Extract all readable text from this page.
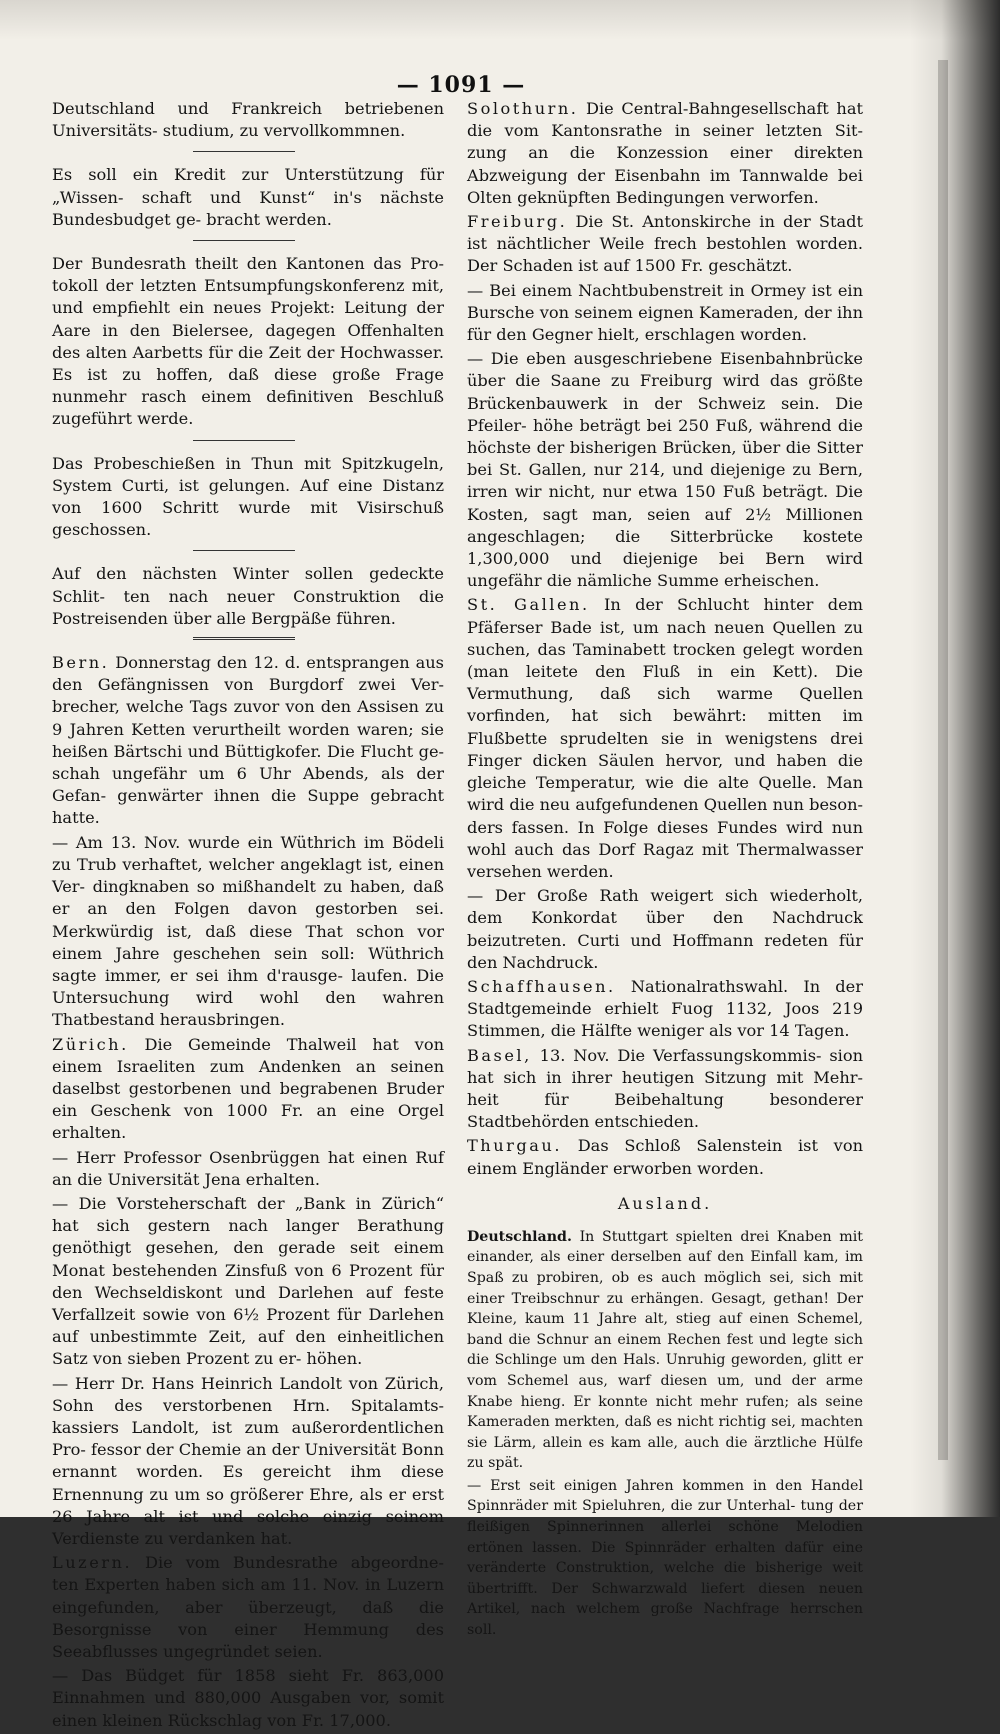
— 1091 —

Deutschland und Frankreich betriebenen Universitäts- studium, zu vervollkommnen.

Es soll ein Kredit zur Unterstützung für „Wissen- schaft und Kunst“ in's nächste Bundesbudget ge- bracht werden.

Der Bundesrath theilt den Kantonen das Pro- tokoll der letzten Entsumpfungskonferenz mit, und empfiehlt ein neues Projekt: Leitung der Aare in den Bielersee, dagegen Offenhalten des alten Aarbetts für die Zeit der Hochwasser. Es ist zu hoffen, daß diese große Frage nunmehr rasch einem definitiven Beschluß zugeführt werde.

Das Probeschießen in Thun mit Spitzkugeln, System Curti, ist gelungen. Auf eine Distanz von 1600 Schritt wurde mit Visirschuß geschossen.

Auf den nächsten Winter sollen gedeckte Schlit- ten nach neuer Construktion die Postreisenden über alle Bergpäße führen.

Bern. Donnerstag den 12. d. entsprangen aus den Gefängnissen von Burgdorf zwei Ver- brecher, welche Tags zuvor von den Assisen zu 9 Jahren Ketten verurtheilt worden waren; sie heißen Bärtschi und Büttigkofer. Die Flucht ge- schah ungefähr um 6 Uhr Abends, als der Gefan- genwärter ihnen die Suppe gebracht hatte.

— Am 13. Nov. wurde ein Wüthrich im Bödeli zu Trub verhaftet, welcher angeklagt ist, einen Ver- dingknaben so mißhandelt zu haben, daß er an den Folgen davon gestorben sei. Merkwürdig ist, daß diese That schon vor einem Jahre geschehen sein soll: Wüthrich sagte immer, er sei ihm d'rausge- laufen. Die Untersuchung wird wohl den wahren Thatbestand herausbringen.

Zürich. Die Gemeinde Thalweil hat von einem Israeliten zum Andenken an seinen daselbst gestorbenen und begrabenen Bruder ein Geschenk von 1000 Fr. an eine Orgel erhalten.

— Herr Professor Osenbrüggen hat einen Ruf an die Universität Jena erhalten.

— Die Vorsteherschaft der „Bank in Zürich“ hat sich gestern nach langer Berathung genöthigt gesehen, den gerade seit einem Monat bestehenden Zinsfuß von 6 Prozent für den Wechseldiskont und Darlehen auf feste Verfallzeit sowie von 6½ Prozent für Darlehen auf unbestimmte Zeit, auf den einheitlichen Satz von sieben Prozent zu er- höhen.

— Herr Dr. Hans Heinrich Landolt von Zürich, Sohn des verstorbenen Hrn. Spitalamts- kassiers Landolt, ist zum außerordentlichen Pro- fessor der Chemie an der Universität Bonn ernannt worden. Es gereicht ihm diese Ernennung zu um so größerer Ehre, als er erst 26 Jahre alt ist und solche einzig seinem Verdienste zu verdanken hat.

Luzern. Die vom Bundesrathe abgeordne- ten Experten haben sich am 11. Nov. in Luzern eingefunden, aber überzeugt, daß die Besorgnisse von einer Hemmung des Seeabflusses ungegründet seien.

— Das Büdget für 1858 sieht Fr. 863,000 Einnahmen und 880,000 Ausgaben vor, somit einen kleinen Rückschlag von Fr. 17,000.

Solothurn. Die Central-Bahngesellschaft hat die vom Kantonsrathe in seiner letzten Sit- zung an die Konzession einer direkten Abzweigung der Eisenbahn im Tannwalde bei Olten geknüpften Bedingungen verworfen.

Freiburg. Die St. Antonskirche in der Stadt ist nächtlicher Weile frech bestohlen worden. Der Schaden ist auf 1500 Fr. geschätzt.

— Bei einem Nachtbubenstreit in Ormey ist ein Bursche von seinem eignen Kameraden, der ihn für den Gegner hielt, erschlagen worden.

— Die eben ausgeschriebene Eisenbahnbrücke über die Saane zu Freiburg wird das größte Brückenbauwerk in der Schweiz sein. Die Pfeiler- höhe beträgt bei 250 Fuß, während die höchste der bisherigen Brücken, über die Sitter bei St. Gallen, nur 214, und diejenige zu Bern, irren wir nicht, nur etwa 150 Fuß beträgt. Die Kosten, sagt man, seien auf 2½ Millionen angeschlagen; die Sitterbrücke kostete 1,300,000 und diejenige bei Bern wird ungefähr die nämliche Summe erheischen.

St. Gallen. In der Schlucht hinter dem Pfäferser Bade ist, um nach neuen Quellen zu suchen, das Taminabett trocken gelegt worden (man leitete den Fluß in ein Kett). Die Vermuthung, daß sich warme Quellen vorfinden, hat sich bewährt: mitten im Flußbette sprudelten sie in wenigstens drei Finger dicken Säulen hervor, und haben die gleiche Temperatur, wie die alte Quelle. Man wird die neu aufgefundenen Quellen nun beson- ders fassen. In Folge dieses Fundes wird nun wohl auch das Dorf Ragaz mit Thermalwasser versehen werden.

— Der Große Rath weigert sich wiederholt, dem Konkordat über den Nachdruck beizutreten. Curti und Hoffmann redeten für den Nachdruck.

Schaffhausen. Nationalrathswahl. In der Stadtgemeinde erhielt Fuog 1132, Joos 219 Stimmen, die Hälfte weniger als vor 14 Tagen.

Basel, 13. Nov. Die Verfassungskommis- sion hat sich in ihrer heutigen Sitzung mit Mehr- heit für Beibehaltung besonderer Stadtbehörden entschieden.

Thurgau. Das Schloß Salenstein ist von einem Engländer erworben worden.

Ausland.

Deutschland. In Stuttgart spielten drei Knaben mit einander, als einer derselben auf den Einfall kam, im Spaß zu probiren, ob es auch möglich sei, sich mit einer Treibschnur zu erhängen. Gesagt, gethan! Der Kleine, kaum 11 Jahre alt, stieg auf einen Schemel, band die Schnur an einem Rechen fest und legte sich die Schlinge um den Hals. Unruhig geworden, glitt er vom Schemel aus, warf diesen um, und der arme Knabe hieng. Er konnte nicht mehr rufen; als seine Kameraden merkten, daß es nicht richtig sei, machten sie Lärm, allein es kam alle, auch die ärztliche Hülfe zu spät.

— Erst seit einigen Jahren kommen in den Handel Spinnräder mit Spieluhren, die zur Unterhal- tung der fleißigen Spinnerinnen allerlei schöne Melodien ertönen lassen. Die Spinnräder erhalten dafür eine veränderte Construktion, welche die bisherige weit übertrifft. Der Schwarzwald liefert diesen neuen Artikel, nach welchem große Nachfrage herrschen soll.
